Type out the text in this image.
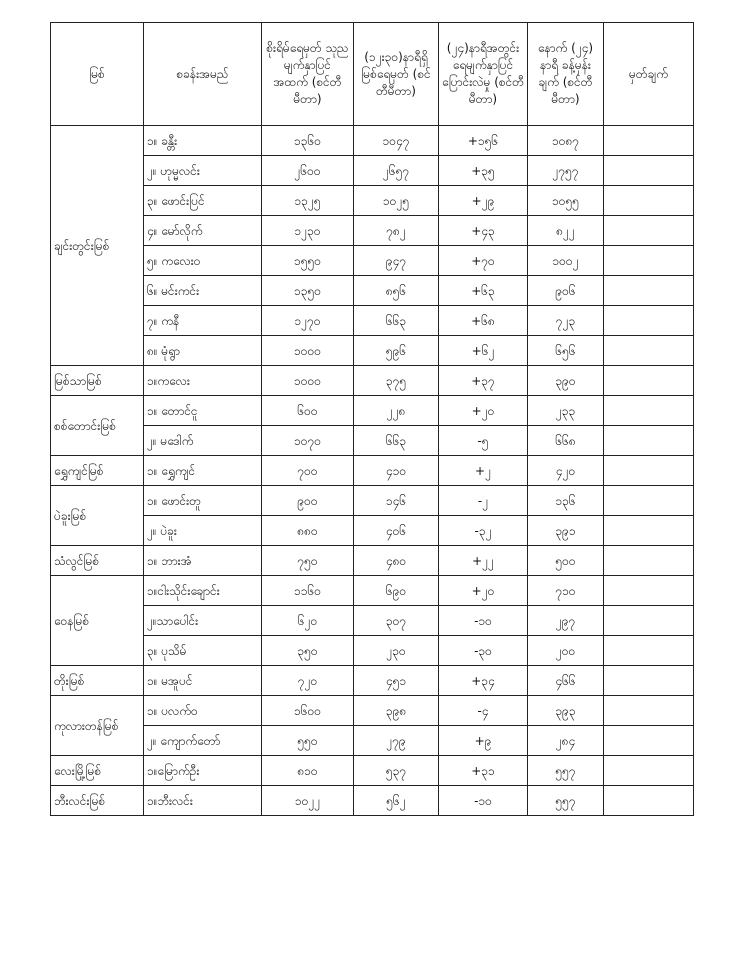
မြစ်	စခန်းအမည်	စိုးရိမ်ရေမှတ် သုညမျက်နှာပြင် အထက် (စင်တီမီတာ)	(၁၂း၃၀)နာရီရှိ မြစ်ရေမှတ် (စင်တီမီတာ)	(၂၄)နာရီအတွင်း ရေမျက်နှာပြင် ပြောင်းလဲမှု (စင်တီမီတာ)	နောက် (၂၄) နာရီ ခန့်မှန်းချက် (စင်တီမီတာ)	မှတ်ချက်
ချင်းတွင်းမြစ်	၁။ ခန္တီး	၁၃၆၀	၁၀၄၇	+၁၅၆	၁၀၈၇	
	၂။ ဟုမ္မလင်း	၂၆၀၀	၂၆၅၇	+၃၅	၂၇၅၇	
	၃။ ဖောင်းပြင်	၁၃၂၅	၁၀၂၅	+၂၉	၁၀၅၅	
	၄။ မော်လိုက်	၁၂၃၀	၇၈၂	+၄၃	၈၂၂	
	၅။ ကလေးဝ	၁၅၅၀	၉၄၇	+၇၀	၁၀၀၂	
	၆။ မင်းကင်း	၁၃၅၀	၈၅၆	+၆၃	၉၀၆	
	၇။ ကနီ	၁၂၇၀	၆၆၃	+၆၈	၇၂၃	
	၈။ မုံရွာ	၁၀၀၀	၅၉၆	+၆၂	၆၅၆	
မြစ်သာမြစ်	၁။ကလေး	၁၀၀၀	၃၇၅	+၃၇	၃၉၀	
စစ်တောင်းမြစ်	၁။ တောင်ငူ	၆၀၀	၂၂၈	+၂၀	၂၃၃	
	၂။ မဒေါက်	၁၀၇၀	၆၆၃	-၅	၆၆၈	
ရွှေကျင်မြစ်	၁။ ရွှေကျင်	၇၀၀	၄၁၀	+၂	၄၂၀	
ပဲခူးမြစ်	၁။ ဖောင်းတူ	၉၀၀	၁၄၆	-၂	၁၃၆	
	၂။ ပဲခူး	၈၈၀	၄၀၆	-၃၂	၃၉၁	
သံလွင်မြစ်	၁။ ဘားအံ	၇၅၀	၄၈၀	+၂၂	၅၀၀	
ဝေနမြစ်	၁။ငါးသိုင်းချောင်း	၁၁၆၀	၆၉၀	+၂၀	၇၁၀	
	၂။သာပေါင်း	၆၂၀	၃၀၇	-၁၀	၂၉၇	
	၃။ ပုသိမ်	၃၅၀	၂၃၀	-၃၀	၂၀၀	
တိုးမြစ်	၁။ မအူပင်	၇၂၀	၄၅၁	+၃၄	၄၆၆	
ကုလားတန်မြစ်	၁။ ပလက်ဝ	၁၆၀၀	၃၉၈	-၄	၃၉၃	
	၂။ ကျောက်တော်	၅၅၀	၂၇၉	+၉	၂၈၄	
လေးမြို့မြစ်	၁။မြောက်ဦး	၈၁၀	၅၃၇	+၃၁	၅၅၇	
ဘီးလင်းမြစ်	၁။ဘီးလင်း	၁၀၂၂	၅၆၂	-၁၀	၅၅၇	
